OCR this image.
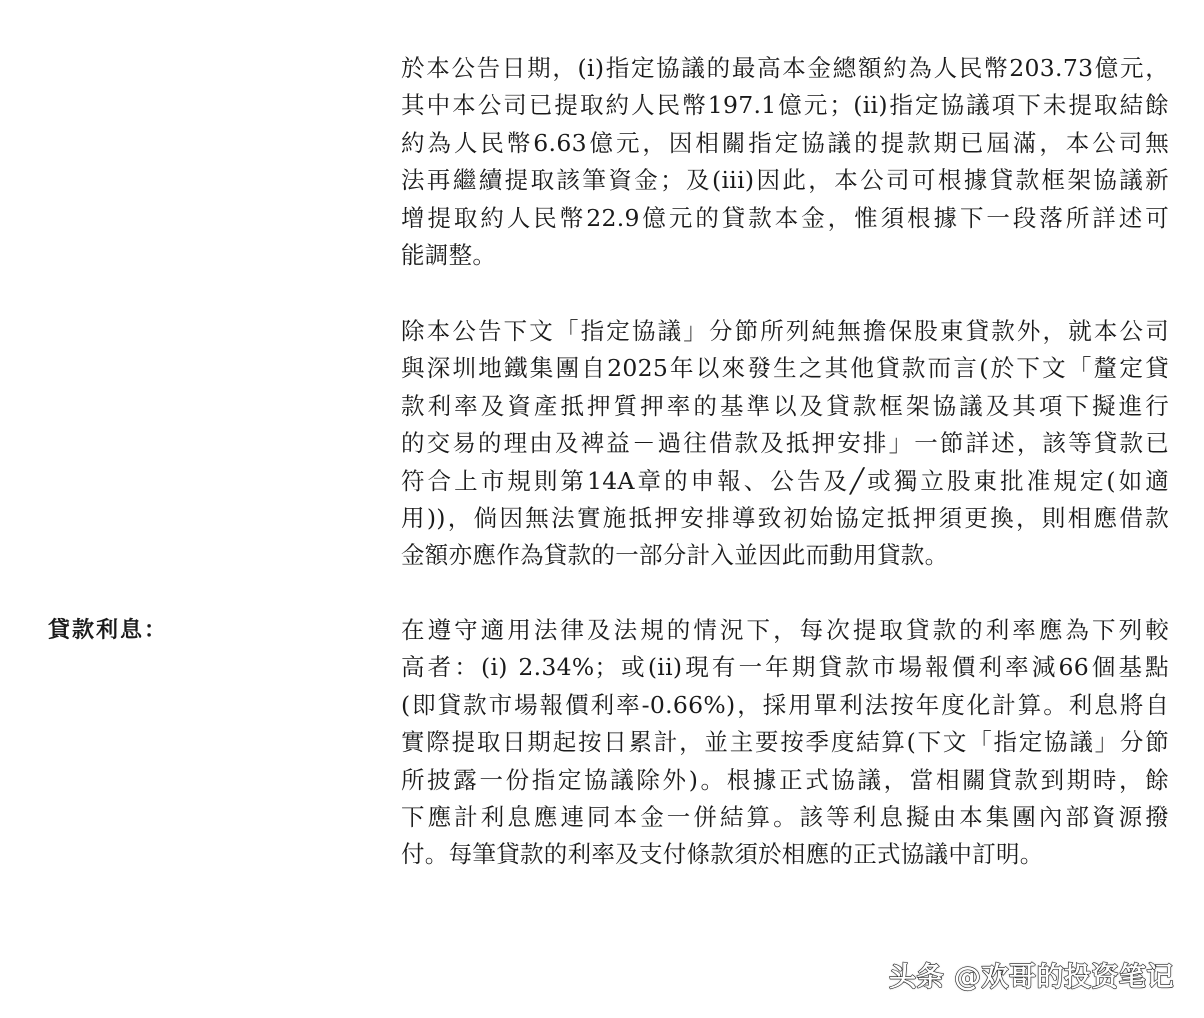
於本公告日期，(i)指定協議的最高本金總額約為人民幣203.73億元，
其中本公司已提取約人民幣197.1億元；(ii)指定協議項下未提取結餘
約為人民幣6.63億元，因相關指定協議的提款期已屆滿，本公司無
法再繼續提取該筆資金；及(iii)因此，本公司可根據貸款框架協議新
增提取約人民幣22.9億元的貸款本金，惟須根據下一段落所詳述可
能調整。
除本公告下文「指定協議」分節所列純無擔保股東貸款外，就本公司
與深圳地鐵集團自2025年以來發生之其他貸款而言(於下文「釐定貸
款利率及資產抵押質押率的基準以及貸款框架協議及其項下擬進行
的交易的理由及裨益－過往借款及抵押安排」一節詳述，該等貸款已
符合上市規則第14A章的申報、公告及╱或獨立股東批准規定(如適
用))，倘因無法實施抵押安排導致初始協定抵押須更換，則相應借款
金額亦應作為貸款的一部分計入並因此而動用貸款。
貸款利息：	在遵守適用法律及法規的情況下，每次提取貸款的利率應為下列較
高者：(i) 2.34%；或(ii)現有一年期貸款市場報價利率減66個基點
(即貸款市場報價利率-0.66%)，採用單利法按年度化計算。利息將自
實際提取日期起按日累計，並主要按季度結算(下文「指定協議」分節
所披露一份指定協議除外)。根據正式協議，當相關貸款到期時，餘
下應計利息應連同本金一併結算。該等利息擬由本集團內部資源撥
付。每筆貸款的利率及支付條款須於相應的正式協議中訂明。
头条 @欢哥的投资笔记
